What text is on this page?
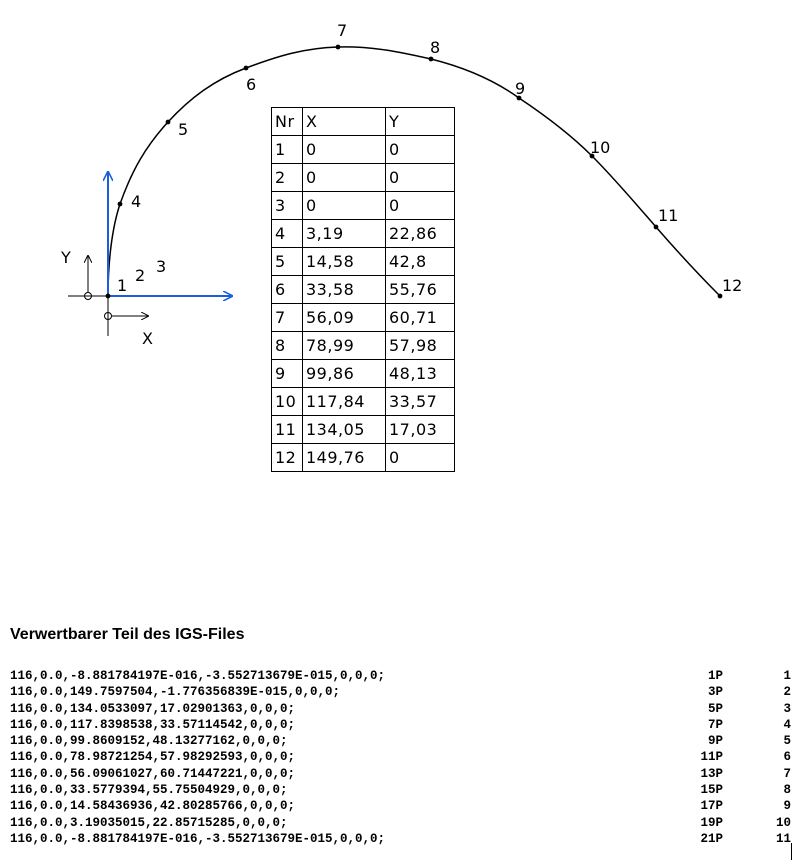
Y
X
1
2 3
4
5
6
7
8
9
10
11
12
Nr	X	Y
1	0	0
2	0	0
3	0	0
4	3,19	22,86
5	14,58	42,8
6	33,58	55,76
7	56,09	60,71
8	78,99	57,98
9	99,86	48,13
10	117,84	33,57
11	134,05	17,03
12	149,76	0
Verwertbarer Teil des IGS-Files
116,0.0,-8.881784197E-016,-3.552713679E-015,0,0,0;	1P	1
116,0.0,149.7597504,-1.776356839E-015,0,0,0;	3P	2
116,0.0,134.0533097,17.02901363,0,0,0;	5P	3
116,0.0,117.8398538,33.57114542,0,0,0;	7P	4
116,0.0,99.8609152,48.13277162,0,0,0;	9P	5
116,0.0,78.98721254,57.98292593,0,0,0;	11P	6
116,0.0,56.09061027,60.71447221,0,0,0;	13P	7
116,0.0,33.5779394,55.75504929,0,0,0;	15P	8
116,0.0,14.58436936,42.80285766,0,0,0;	17P	9
116,0.0,3.19035015,22.85715285,0,0,0;	19P	10
116,0.0,-8.881784197E-016,-3.552713679E-015,0,0,0;	21P	11
